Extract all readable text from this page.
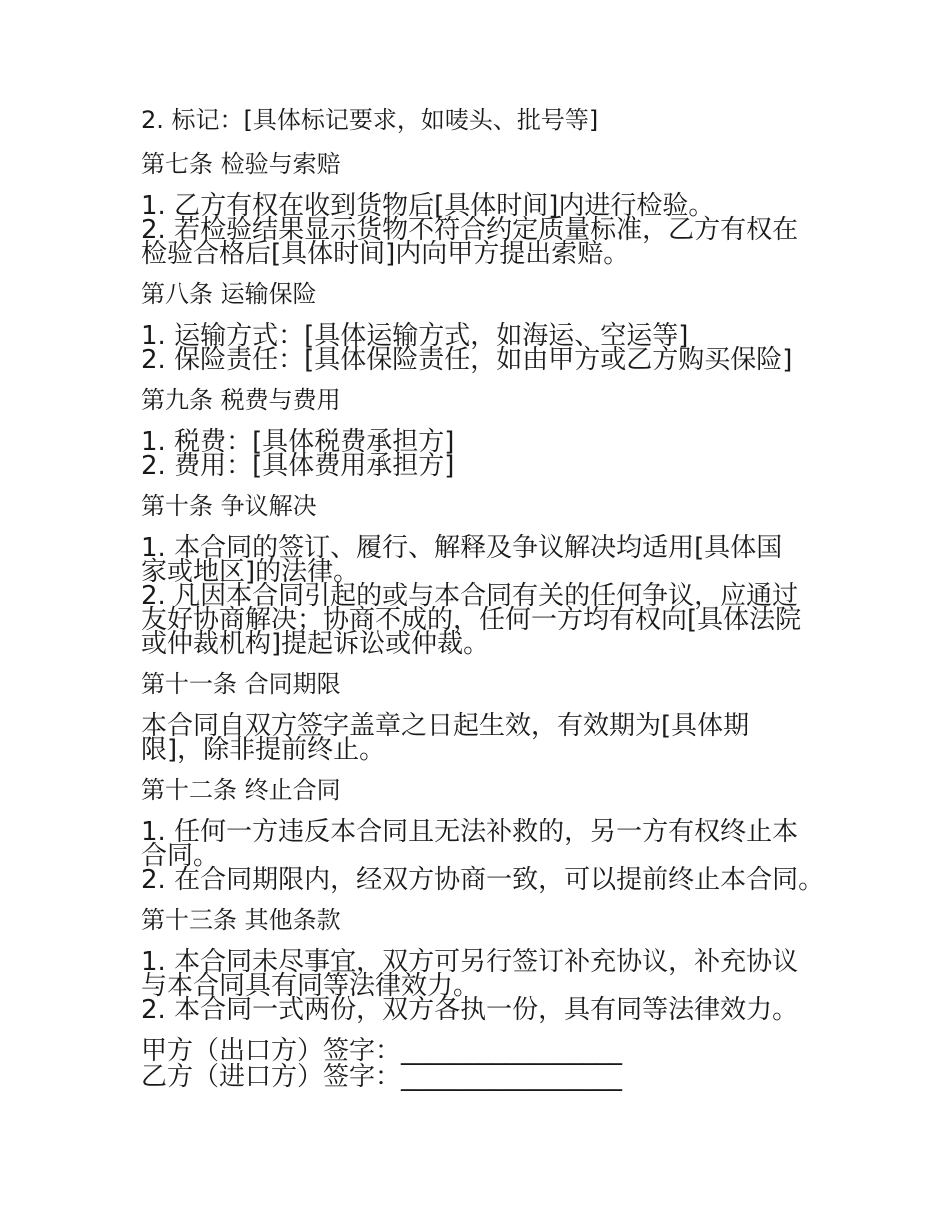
2. 标记：[具体标记要求，如唛头、批号等]

第七条 检验与索赔

1. 乙方有权在收到货物后[具体时间]内进行检验。

2. 若检验结果显示货物不符合约定质量标准，乙方有权在检验合格后[具体时间]内向甲方提出索赔。

第八条 运输保险

1. 运输方式：[具体运输方式，如海运、空运等]

2. 保险责任：[具体保险责任，如由甲方或乙方购买保险]

第九条 税费与费用

1. 税费：[具体税费承担方]

2. 费用：[具体费用承担方]

第十条 争议解决

1. 本合同的签订、履行、解释及争议解决均适用[具体国家或地区]的法律。

2. 凡因本合同引起的或与本合同有关的任何争议，应通过友好协商解决；协商不成的，任何一方均有权向[具体法院或仲裁机构]提起诉讼或仲裁。

第十一条 合同期限

本合同自双方签字盖章之日起生效，有效期为[具体期限]，除非提前终止。

第十二条 终止合同

1. 任何一方违反本合同且无法补救的，另一方有权终止本合同。

2. 在合同期限内，经双方协商一致，可以提前终止本合同。

第十三条 其他条款

1. 本合同未尽事宜，双方可另行签订补充协议，补充协议与本合同具有同等法律效力。

2. 本合同一式两份，双方各执一份，具有同等法律效力。

甲方（出口方）签字：_________________

乙方（进口方）签字：_________________
